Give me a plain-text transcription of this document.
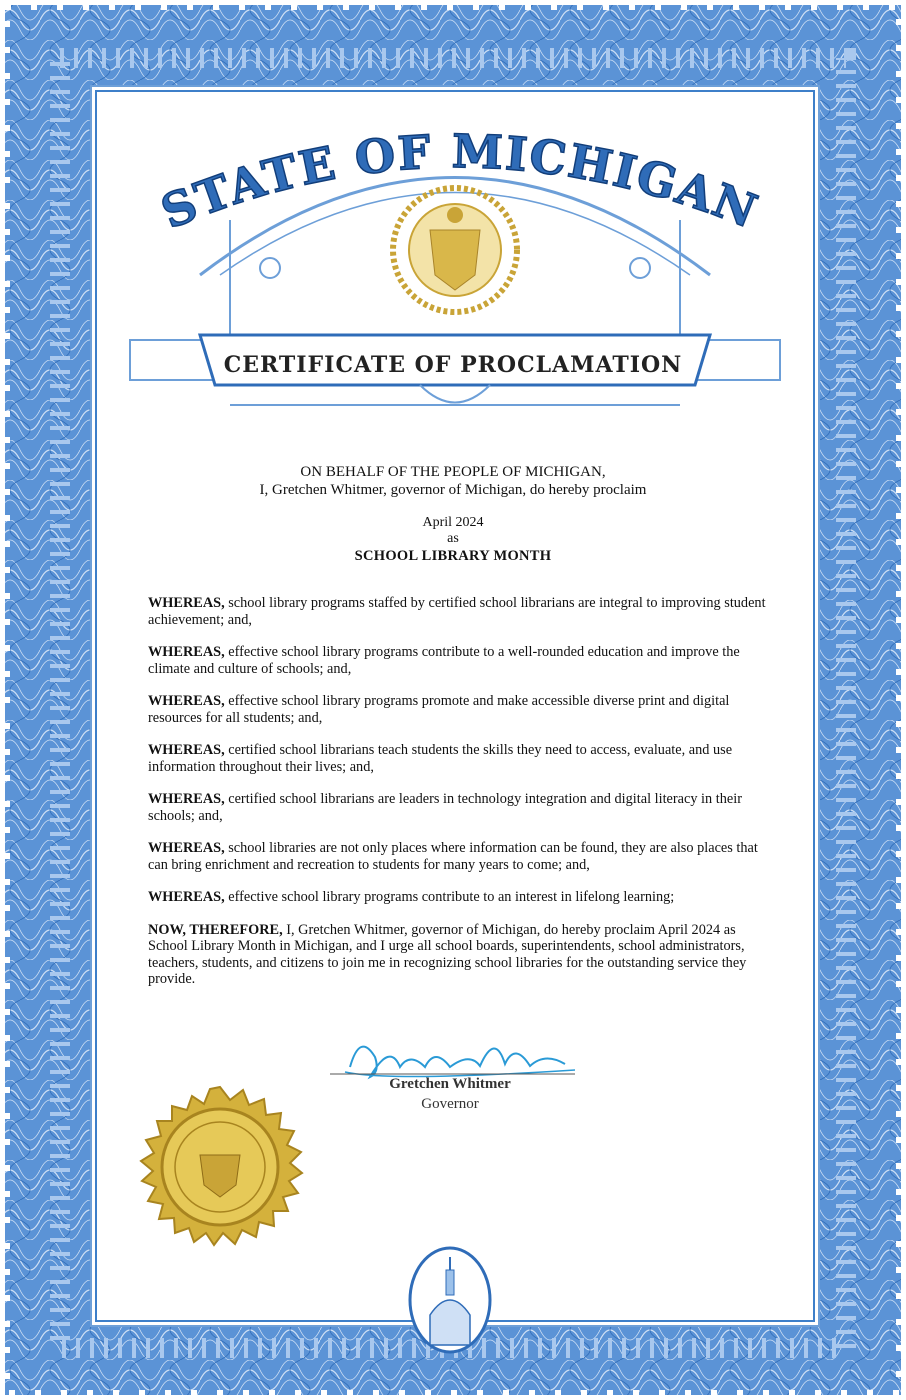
STATE OF MICHIGAN
CERTIFICATE OF PROCLAMATION
ON BEHALF OF THE PEOPLE OF MICHIGAN,
I, Gretchen Whitmer, governor of Michigan, do hereby proclaim
April 2024
as
SCHOOL LIBRARY MONTH

WHEREAS, school library programs staffed by certified school librarians are integral to improving student achievement; and,

WHEREAS, effective school library programs contribute to a well-rounded education and improve the climate and culture of schools; and,

WHEREAS, effective school library programs promote and make accessible diverse print and digital resources for all students; and,

WHEREAS, certified school librarians teach students the skills they need to access, evaluate, and use information throughout their lives; and,

WHEREAS, certified school librarians are leaders in technology integration and digital literacy in their schools; and,

WHEREAS, school libraries are not only places where information can be found, they are also places that can bring enrichment and recreation to students for many years to come; and,

WHEREAS, effective school library programs contribute to an interest in lifelong learning;

NOW, THEREFORE, I, Gretchen Whitmer, governor of Michigan, do hereby proclaim April 2024 as School Library Month in Michigan, and I urge all school boards, superintendents, school administrators, teachers, students, and citizens to join me in recognizing school libraries for the outstanding service they provide.

Gretchen Whitmer
Governor
